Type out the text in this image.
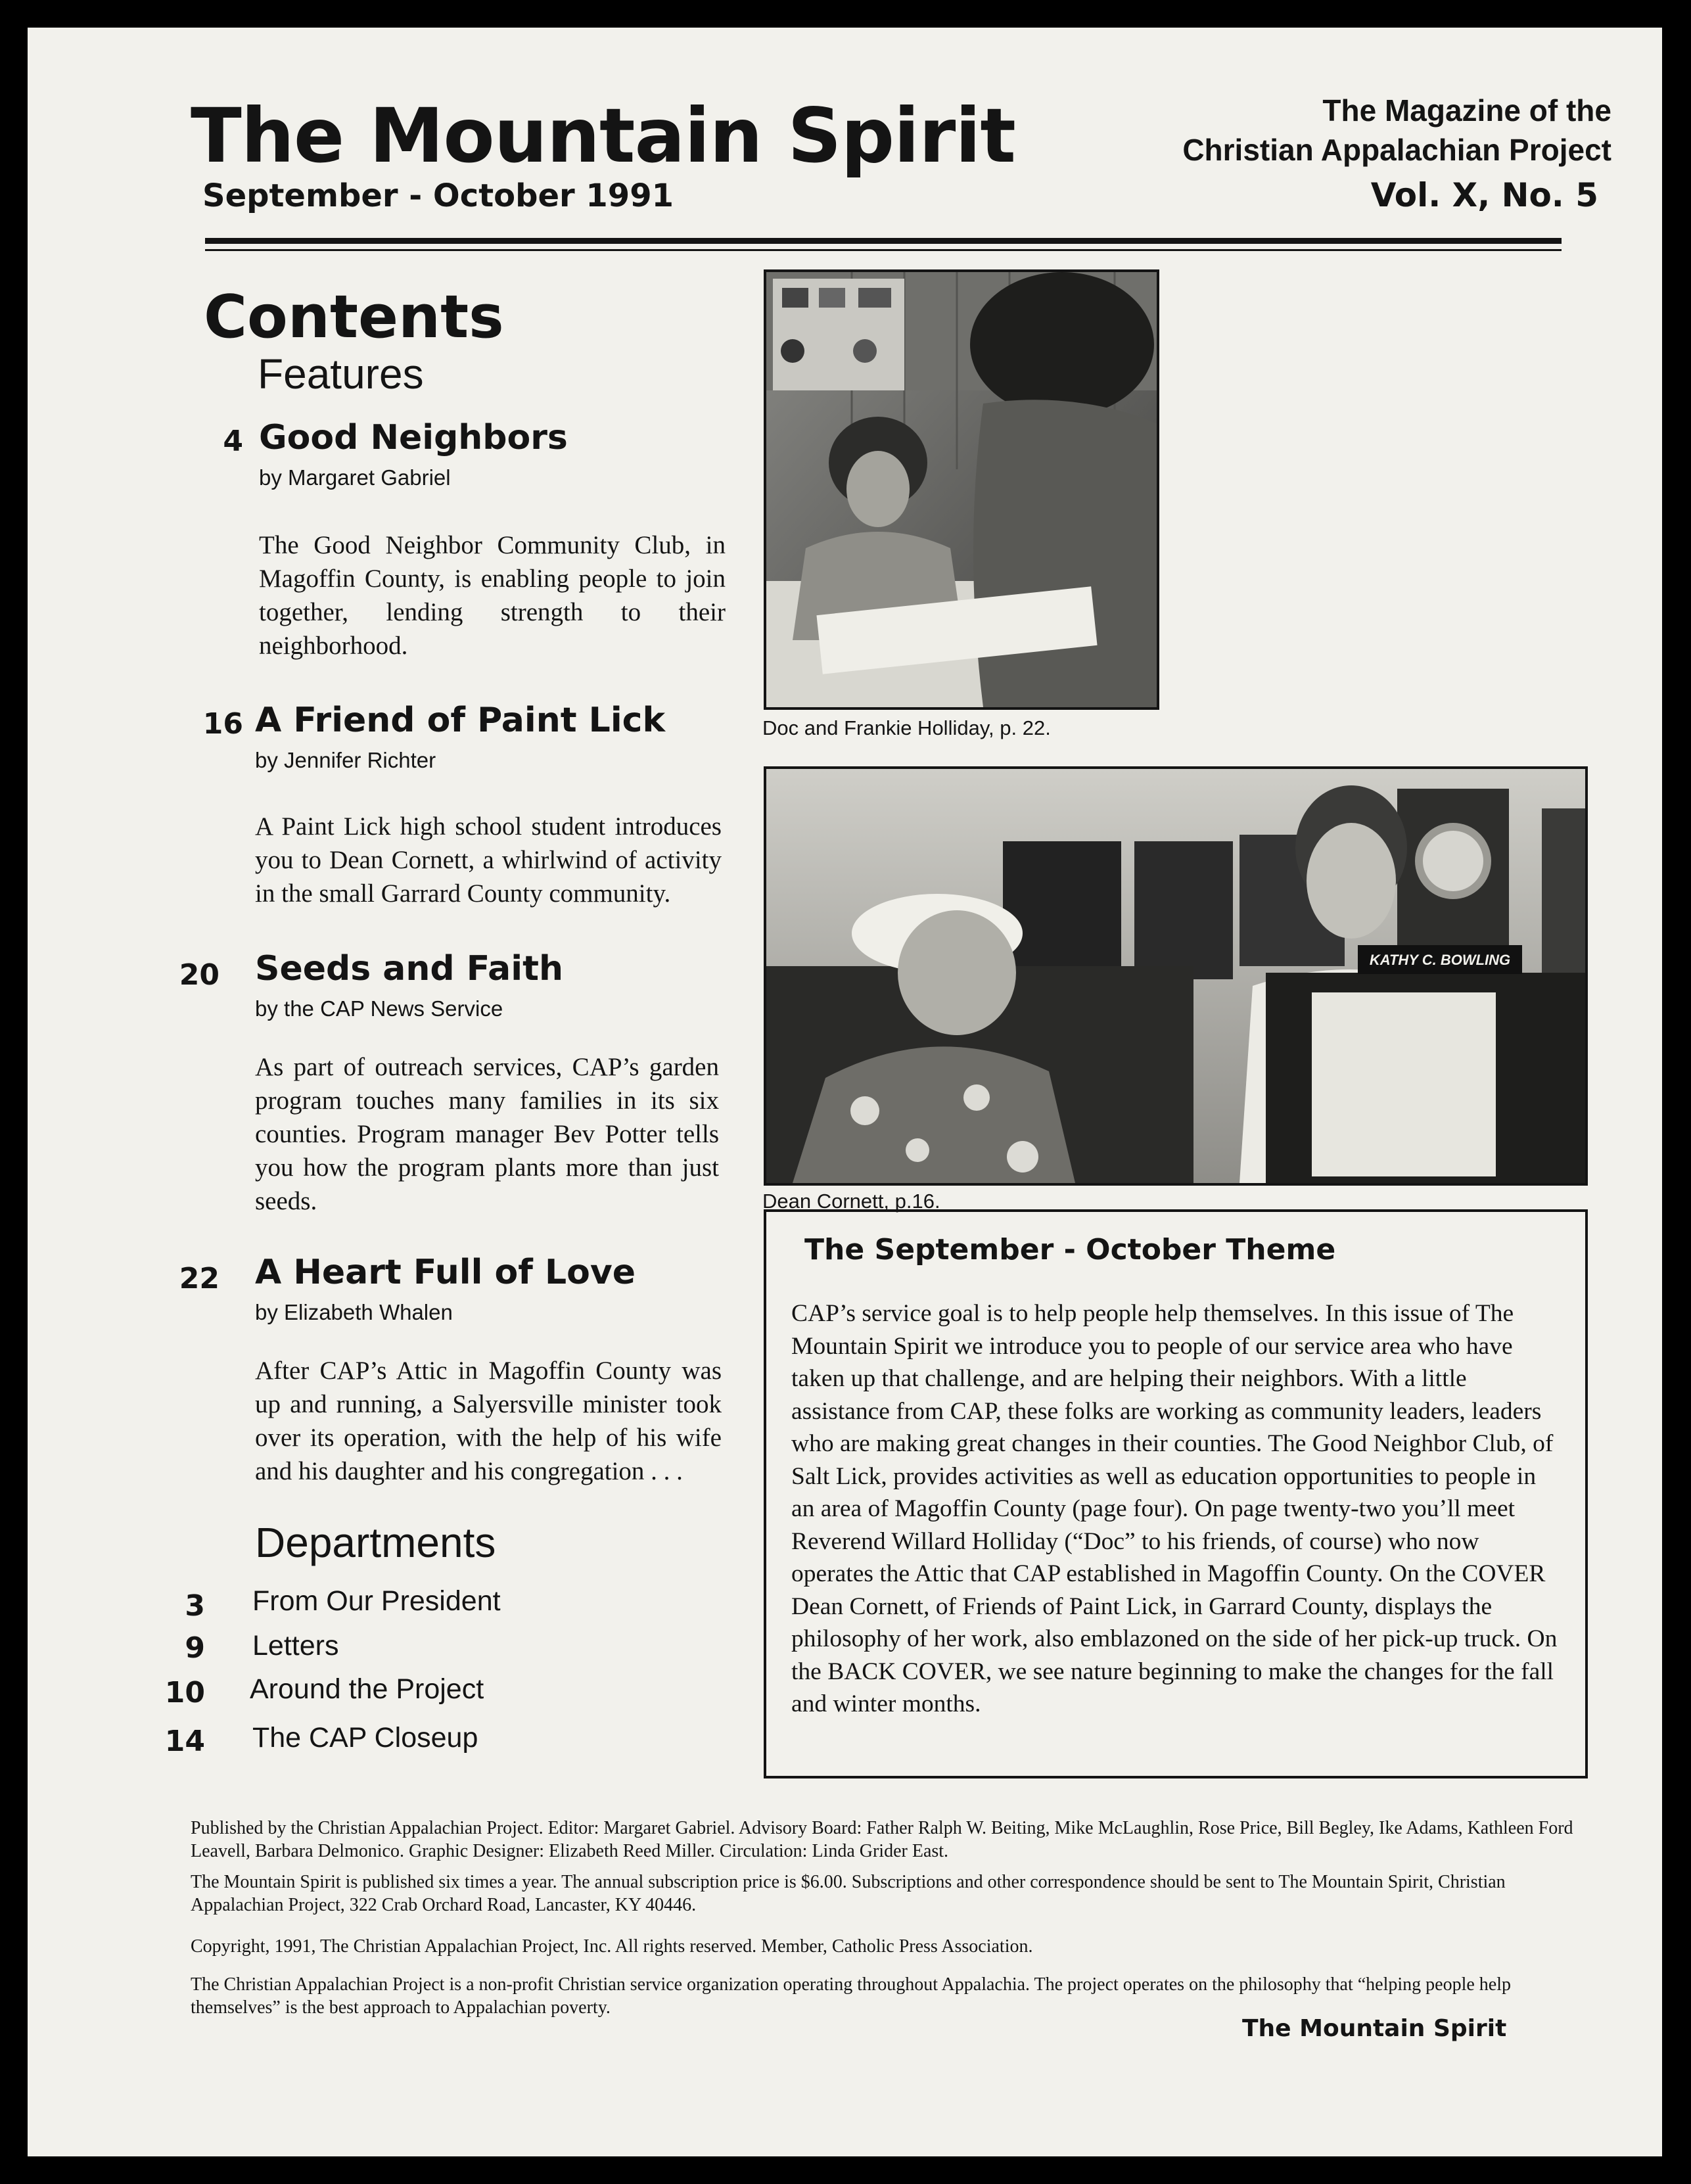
The Mountain Spirit
September - October 1991
The Magazine of the
Christian Appalachian Project
Vol. X, No. 5
Contents
Features
4 Good Neighbors
by Margaret Gabriel
The Good Neighbor Community Club, in Magoffin County, is enabling people to join together, lending strength to their neighborhood.
16 A Friend of Paint Lick
by Jennifer Richter
A Paint Lick high school student introduces you to Dean Cornett, a whirlwind of activity in the small Garrard County community.
20 Seeds and Faith
by the CAP News Service
As part of outreach services, CAP’s garden program touches many families in its six counties. Program manager Bev Potter tells you how the program plants more than just seeds.
22 A Heart Full of Love
by Elizabeth Whalen
After CAP’s Attic in Magoffin County was up and running, a Salyersville minister took over its operation, with the help of his wife and his daughter and his congregation . . .
Departments
3 From Our President
9 Letters
10 Around the Project
14 The CAP Closeup
Doc and Frankie Holliday, p. 22.
KATHY C. BOWLING
Dean Cornett, p.16.
The September - October Theme
CAP’s service goal is to help people help themselves. In this issue of The Mountain Spirit we introduce you to people of our service area who have taken up that challenge, and are helping their neighbors. With a little assistance from CAP, these folks are working as community leaders, leaders who are making great changes in their counties. The Good Neighbor Club, of Salt Lick, provides activities as well as education opportunities to people in an area of Magoffin County (page four). On page twenty-two you’ll meet Reverend Willard Holliday (“Doc” to his friends, of course) who now operates the Attic that CAP established in Magoffin County. On the COVER Dean Cornett, of Friends of Paint Lick, in Garrard County, displays the philosophy of her work, also emblazoned on the side of her pick-up truck. On the BACK COVER, we see nature beginning to make the changes for the fall and winter months.
Published by the Christian Appalachian Project. Editor: Margaret Gabriel. Advisory Board: Father Ralph W. Beiting, Mike McLaughlin, Rose Price, Bill Begley, Ike Adams, Kathleen Ford Leavell, Barbara Delmonico. Graphic Designer: Elizabeth Reed Miller. Circulation: Linda Grider East.
The Mountain Spirit is published six times a year. The annual subscription price is $6.00. Subscriptions and other correspondence should be sent to The Mountain Spirit, Christian Appalachian Project, 322 Crab Orchard Road, Lancaster, KY 40446.
Copyright, 1991, The Christian Appalachian Project, Inc. All rights reserved. Member, Catholic Press Association.
The Christian Appalachian Project is a non-profit Christian service organization operating throughout Appalachia. The project operates on the philosophy that “helping people help themselves” is the best approach to Appalachian poverty.
The Mountain Spirit
